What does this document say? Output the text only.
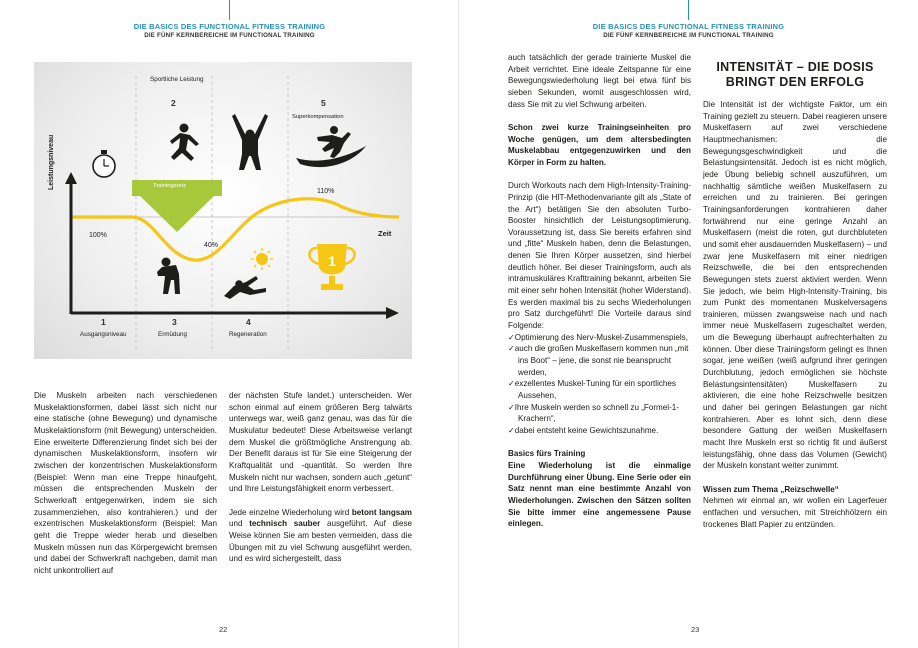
DIE BASICS DES FUNCTIONAL FITNESS TRAINING
DIE FÜNF KERNBEREICHE IM FUNCTIONAL TRAINING
1
Leistungsniveau
Zeit
Sportliche Leistung
Trainingsreiz
100%
40%
110%
2	5
Superkompensation
1
Ausgangsniveau
3
Ermüdung
4
Regeneration

Die Muskeln arbeiten nach verschiedenen Muskelaktionsformen, dabei lässt sich nicht nur eine statische (ohne Bewegung) und dynamische Muskelaktionsform (mit Bewegung) unterscheiden. Eine erweiterte Differenzierung findet sich bei der dynamischen Muskelaktionsform, insofern wir zwischen der konzentrischen Muskelaktionsform (Beispiel: Wenn man eine Treppe hinaufgeht, müssen die entsprechenden Muskeln der Schwerkraft entgegenwirken, indem sie sich zusammenziehen, also kontrahieren.) und der exzentrischen Muskelaktionsform (Beispiel: Man geht die Treppe wieder herab und dieselben Muskeln müssen nun das Körpergewicht bremsen und dabei der Schwerkraft nachgeben, damit man nicht unkontrolliert auf

der nächsten Stufe landet.) unterscheiden. Wer schon einmal auf einem größeren Berg talwärts unterwegs war, weiß ganz genau, was das für die Muskulatur bedeutet! Diese Arbeitsweise verlangt dem Muskel die größtmögliche Anstrengung ab. Der Benefit daraus ist für Sie eine Steigerung der Kraftqualität und -quantität. So werden Ihre Muskeln nicht nur wachsen, sondern auch „getunt“ und Ihre Leistungsfähigkeit enorm verbessert.

Jede einzelne Wiederholung wird betont langsam und technisch sauber ausgeführt. Auf diese Weise können Sie am besten vermeiden, dass die Übungen mit zu viel Schwung ausgeführt werden, und es wird sichergestellt, dass

22
DIE BASICS DES FUNCTIONAL FITNESS TRAINING
DIE FÜNF KERNBEREICHE IM FUNCTIONAL TRAINING

auch tatsächlich der gerade trainierte Muskel die Arbeit verrichtet. Eine ideale Zeitspanne für eine Bewegungswiederholung liegt bei etwa fünf bis sieben Sekunden, womit ausgeschlossen wird, dass Sie mit zu viel Schwung arbeiten.

Schon zwei kurze Trainingseinheiten pro Woche genügen, um dem altersbedingten Muskelabbau entgegenzuwirken und den Körper in Form zu halten.

Durch Workouts nach dem High-Intensity-Training-Prinzip (die HIT-Methodenvariante gilt als „State of the Art“) betätigen Sie den absoluten Turbo-Booster hinsichtlich der Leistungsoptimierung. Voraussetzung ist, dass Sie bereits erfahren sind und „fitte“ Muskeln haben, denn die Belastungen, denen Sie Ihren Körper aussetzen, sind hierbei deutlich höher. Bei dieser Trainingsform, auch als intramuskuläres Krafttraining bekannt, arbeiten Sie mit einer sehr hohen Intensität (hoher Widerstand). Es werden maximal bis zu sechs Wiederholungen pro Satz durchgeführt! Die Vorteile daraus sind Folgende:

✓Optimierung des Nerv-Muskel-Zusammenspiels,
✓auch die großen Muskelfasern kommen nun „mit ins Boot“ – jene, die sonst nie beansprucht werden,
✓exzellentes Muskel-Tuning für ein sportliches Aussehen,
✓Ihre Muskeln werden so schnell zu „Formel-1-Krachern“,
✓dabei entsteht keine Gewichtszunahme.
Basics fürs Training

Eine Wiederholung ist die einmalige Durchführung einer Übung. Eine Serie oder ein Satz nennt man eine bestimmte Anzahl von Wiederholungen. Zwischen den Sätzen sollten Sie bitte immer eine angemessene Pause einlegen.

INTENSITÄT – DIE DOSIS
BRINGT DEN ERFOLG

Die Intensität ist der wichtigste Faktor, um ein Training gezielt zu steuern. Dabei reagieren unsere Muskelfasern auf zwei verschiedene Hauptmechanismen: die Bewegungsgeschwindigkeit und die Belastungsintensität. Jedoch ist es nicht möglich, jede Übung beliebig schnell auszuführen, um nachhaltig sämtliche weißen Muskelfasern zu erreichen und zu trainieren. Bei geringen Trainingsanforderungen kontrahieren daher fortwährend nur eine geringe Anzahl an Muskelfasern (meist die roten, gut durchbluteten und somit eher ausdauernden Muskelfasern) – und zwar jene Muskelfasern mit einer niedrigen Reizschwelle, die bei den entsprechenden Bewegungen stets zuerst aktiviert werden. Wenn Sie jedoch, wie beim High-Intensity-Training, bis zum Punkt des momentanen Muskelversagens trainieren, müssen zwangsweise nach und nach immer neue Muskelfasern zugeschaltet werden, um die Bewegung überhaupt aufrechterhalten zu können. Über diese Trainingsform gelingt es Ihnen sogar, jene weißen (weiß aufgrund ihrer geringen Durchblutung, jedoch ermöglichen sie höchste Belastungsintensitäten) Muskelfasern zu aktivieren, die eine hohe Reizschwelle besitzen und daher bei geringen Belastungen gar nicht kontrahieren. Aber es lohnt sich, denn diese besondere Gattung der weißen Muskelfasern macht Ihre Muskeln erst so richtig fit und äußerst leistungsfähig, ohne dass das Volumen (Gewicht) der Muskeln konstant weiter zunimmt.

Wissen zum Thema „Reizschwelle“

Nehmen wir einmal an, wir wollen ein Lagerfeuer entfachen und versuchen, mit Streichhölzern ein trockenes Blatt Papier zu entzünden.

23
